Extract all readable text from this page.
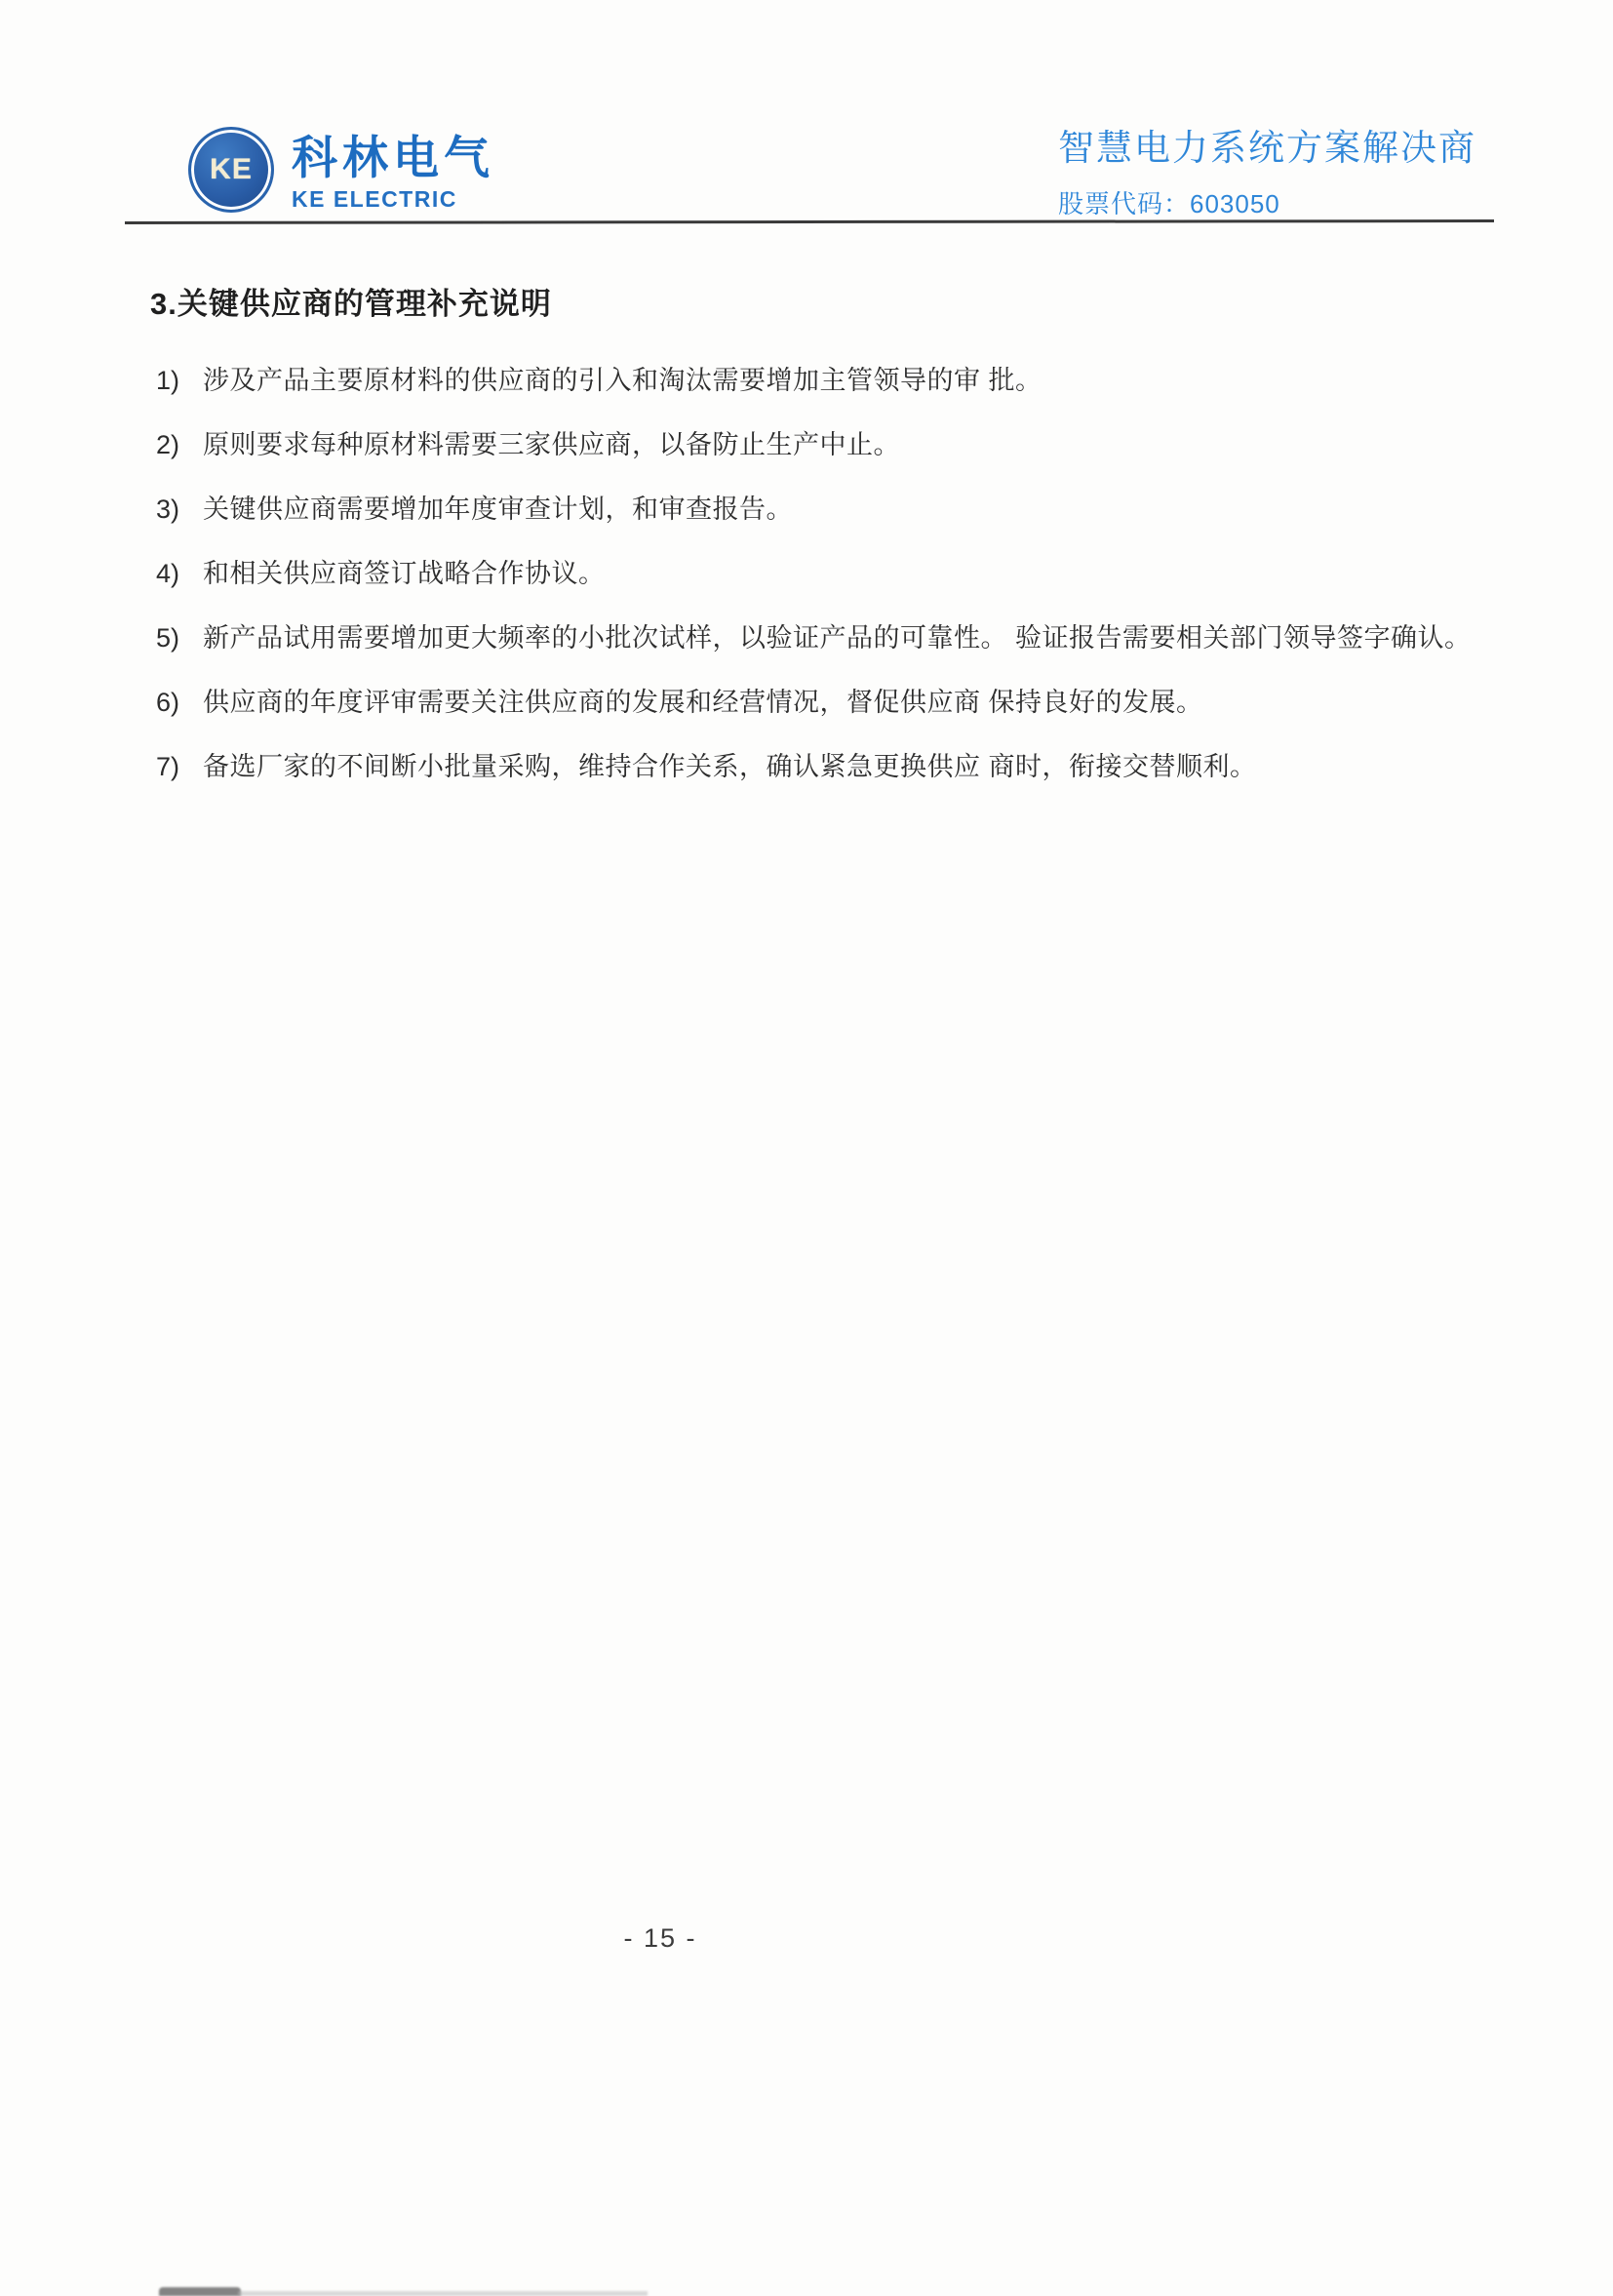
KE 科林电气
KE ELECTRIC
智慧电力系统方案解决商
股票代码：603050
3.关键供应商的管理补充说明
1) 涉及产品主要原材料的供应商的引入和淘汰需要增加主管领导的审 批。
2) 原则要求每种原材料需要三家供应商，以备防止生产中止。
3) 关键供应商需要增加年度审查计划，和审查报告。
4) 和相关供应商签订战略合作协议。
5) 新产品试用需要增加更大频率的小批次试样，以验证产品的可靠性。 验证报告需要相关部门领导签字确认。
6) 供应商的年度评审需要关注供应商的发展和经营情况，督促供应商 保持良好的发展。
7) 备选厂家的不间断小批量采购，维持合作关系，确认紧急更换供应 商时，衔接交替顺利。
- 15 -
